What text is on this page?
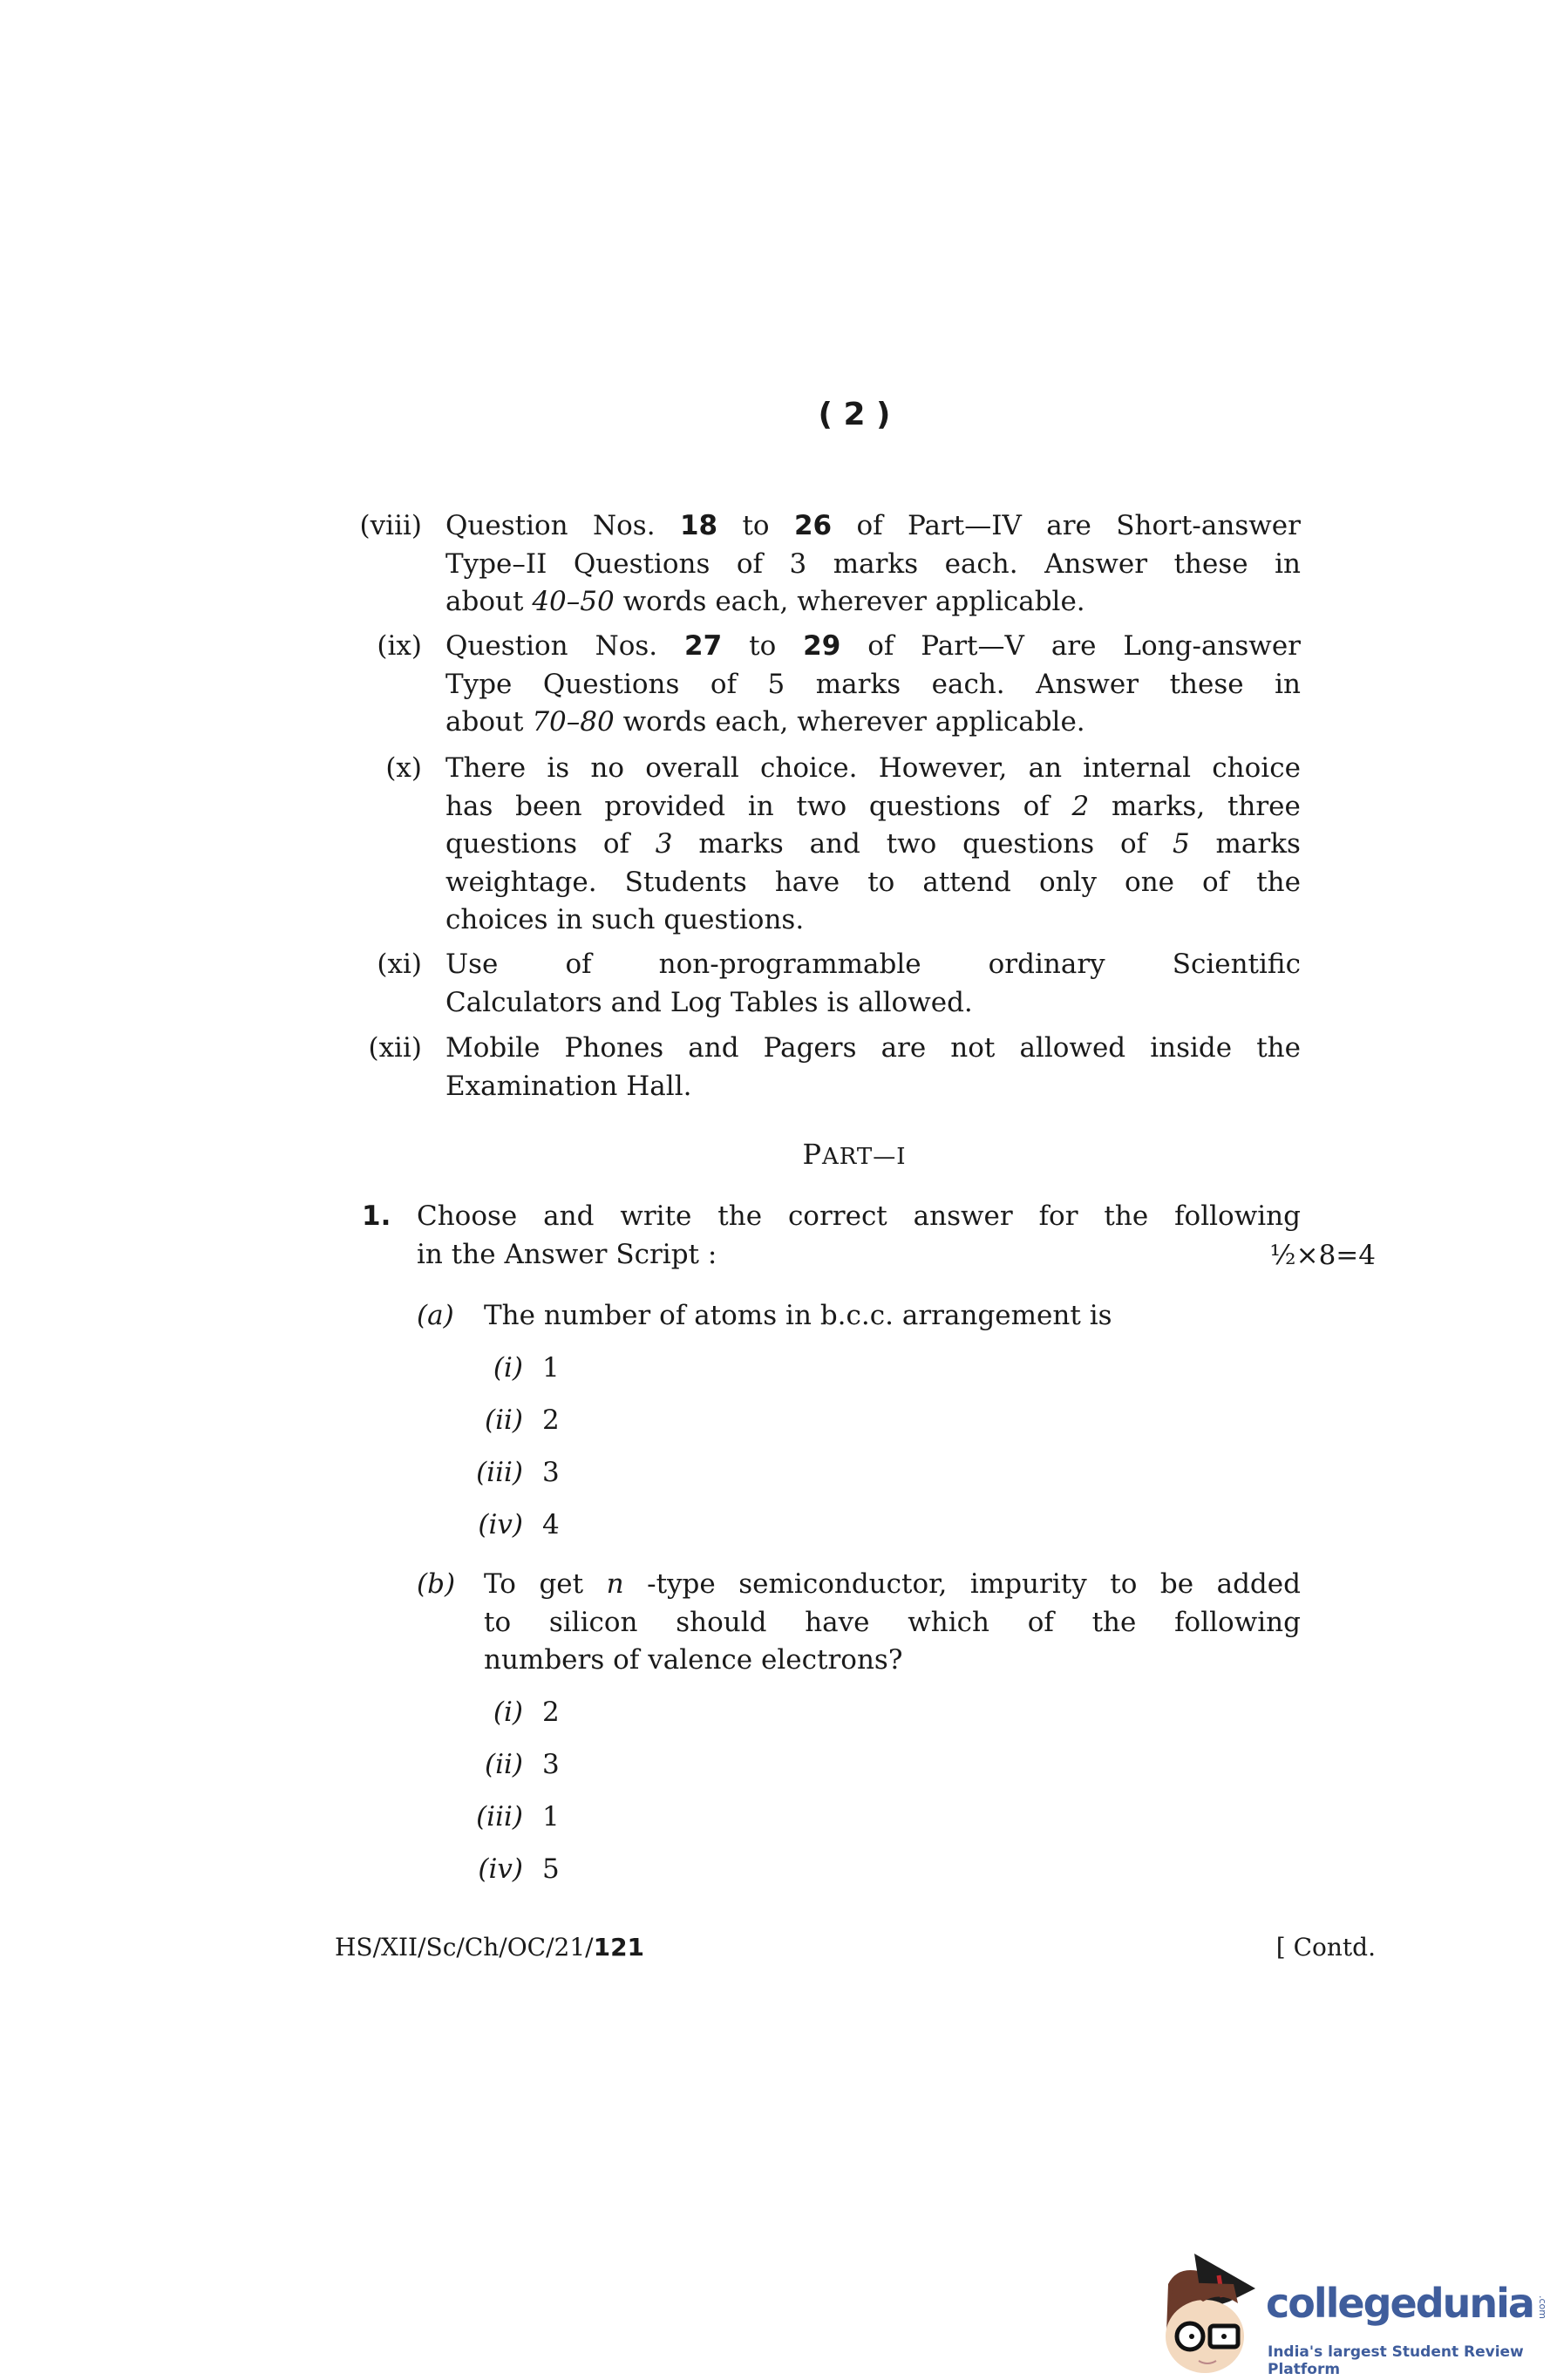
( 2 )
(viii) Question Nos. 18 to 26 of Part—IV are Short-answer
Type–II Questions of 3 marks each. Answer these in
about 40–50 words each, wherever applicable.
(ix) Question Nos. 27 to 29 of Part—V are Long-answer
Type Questions of 5 marks each. Answer these in
about 70–80 words each, wherever applicable.
(x) There is no overall choice. However, an internal choice
has been provided in two questions of 2 marks, three
questions of 3 marks and two questions of 5 marks
weightage. Students have to attend only one of the
choices in such questions.
(xi) Use of non-programmable ordinary Scientific
Calculators and Log Tables is allowed.
(xii) Mobile Phones and Pagers are not allowed inside the
Examination Hall.
PART—I
1.
½×8=4
Choose and write the correct answer for the following
in the Answer Script :
(a) The number of atoms in b.c.c. arrangement is
(i) 1
(ii) 2
(iii) 3
(iv) 4
(b) To get n -type semiconductor, impurity to be added
to silicon should have which of the following
numbers of valence electrons?
(i) 2
(ii) 3
(iii) 1
(iv) 5
HS/XII/Sc/Ch/OC/21/121	[ Contd.
collegedunia .com
India's largest Student Review Platform
